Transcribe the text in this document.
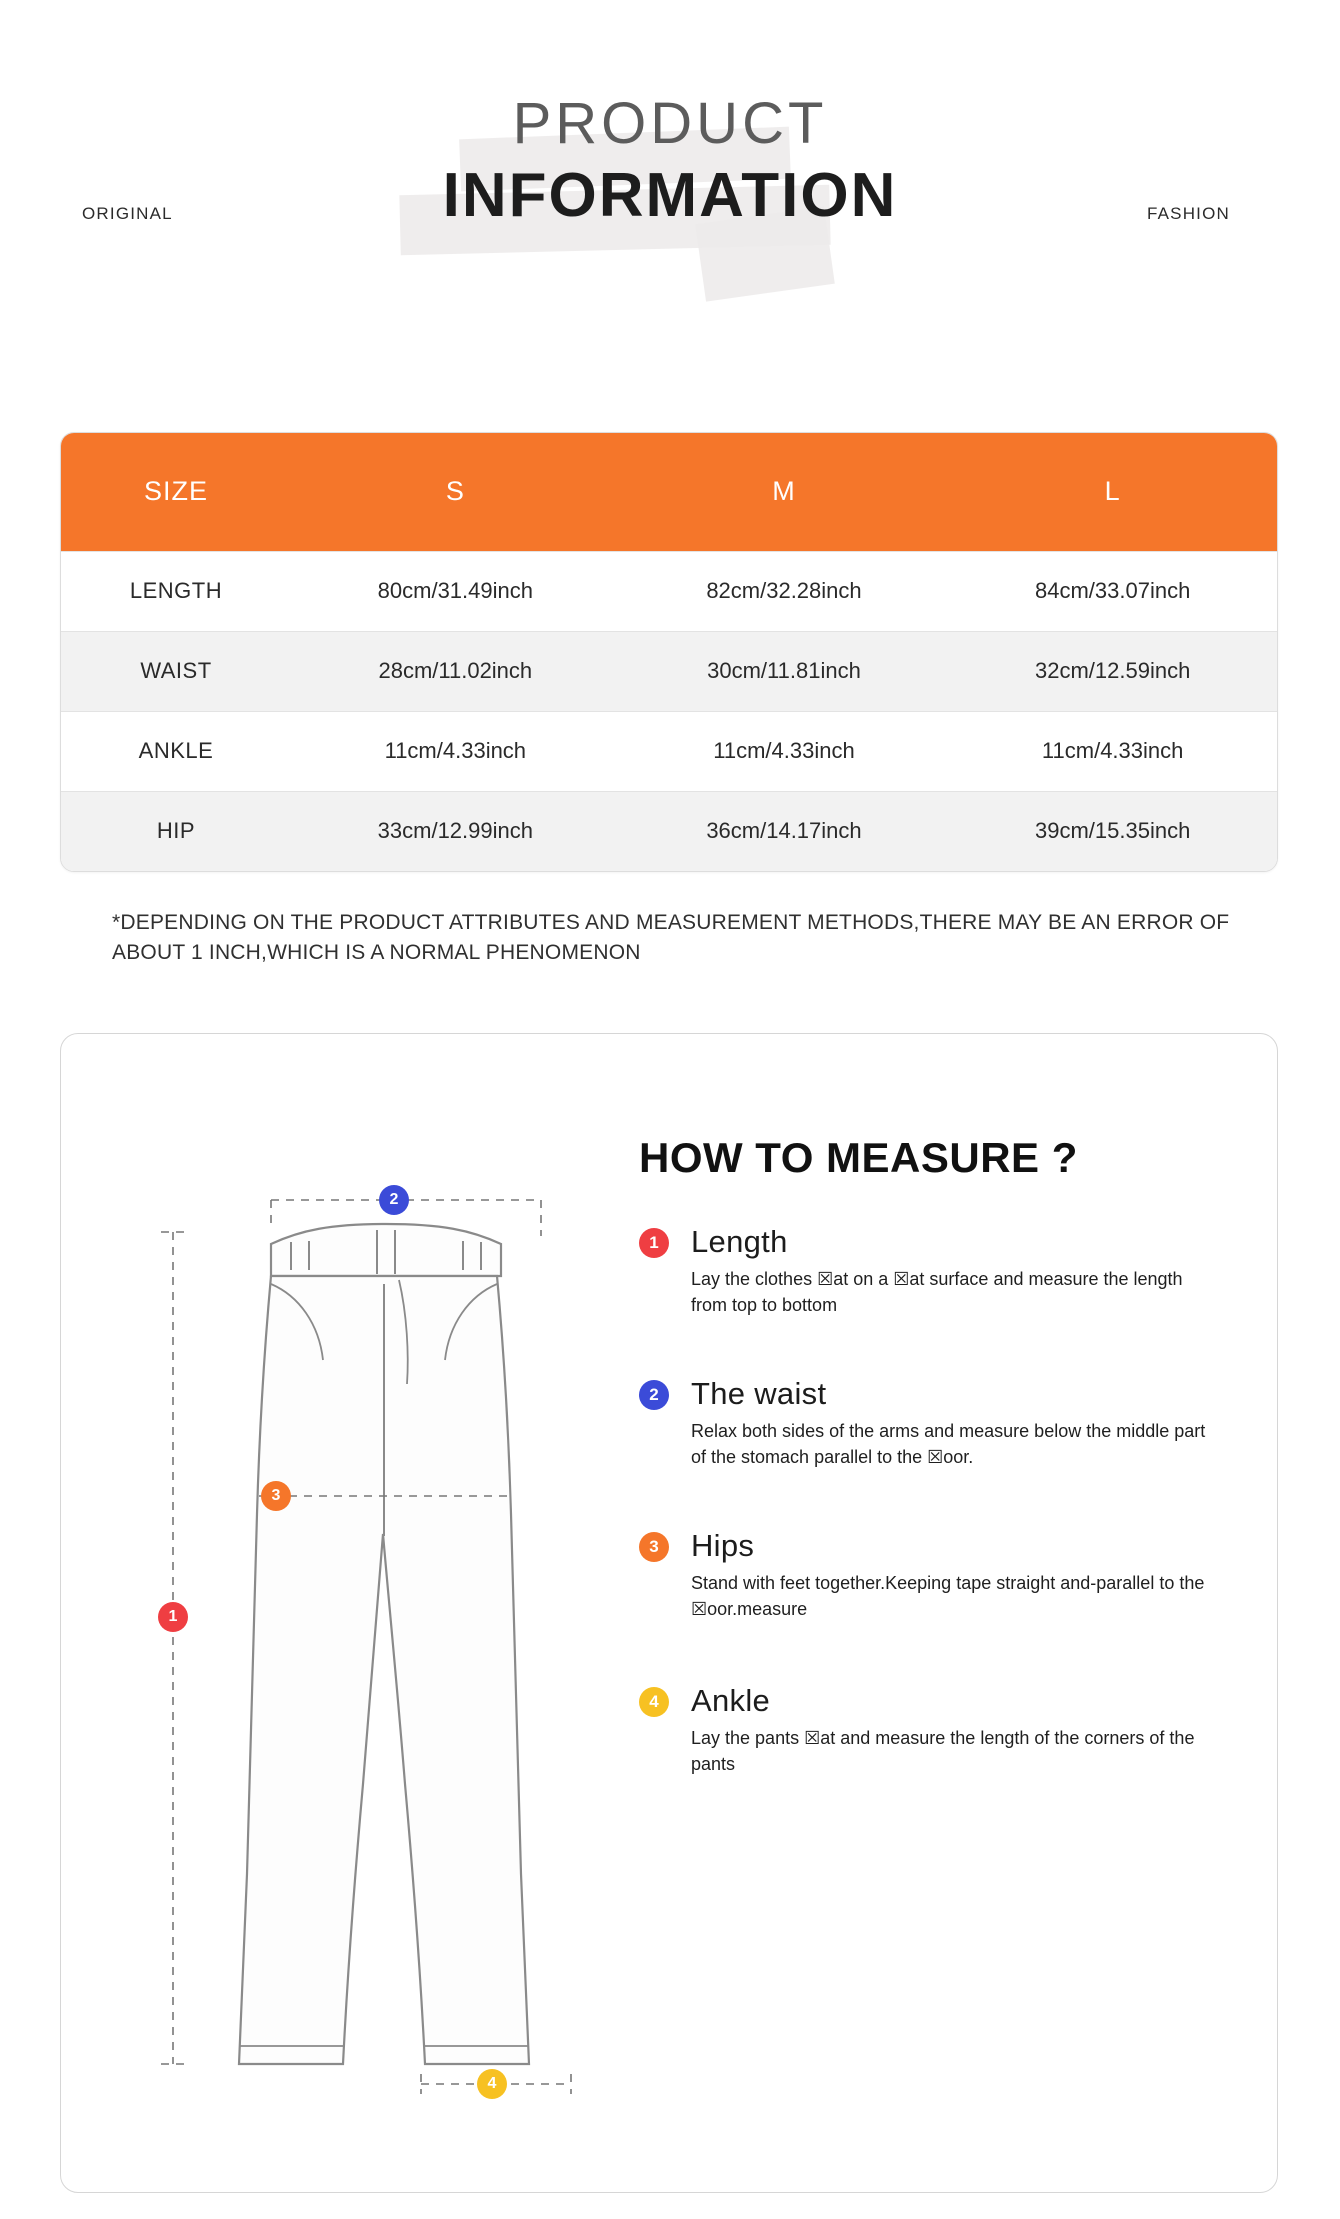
ORIGINAL	FASHION
PRODUCT
INFORMATION
SIZE	S	M	L
LENGTH	80cm/31.49inch	82cm/32.28inch	84cm/33.07inch
WAIST	28cm/11.02inch	30cm/11.81inch	32cm/12.59inch
ANKLE	11cm/4.33inch	11cm/4.33inch	11cm/4.33inch
HIP	33cm/12.99inch	36cm/14.17inch	39cm/15.35inch
*DEPENDING ON THE PRODUCT ATTRIBUTES AND MEASUREMENT METHODS,THERE MAY BE AN ERROR OF ABOUT 1 INCH,WHICH IS A NORMAL PHENOMENON
HOW TO MEASURE ?
1
2
3
4
1	Length

Lay the clothes ☒at on a ☒at surface and measure the length from top to bottom

2	The waist

Relax both sides of the arms and measure below the middle part of the stomach parallel to the ☒oor.

3	Hips

Stand with feet together.Keeping tape straight and-parallel to the ☒oor.measure

4	Ankle

Lay the pants ☒at and measure the length of the corners of the pants
